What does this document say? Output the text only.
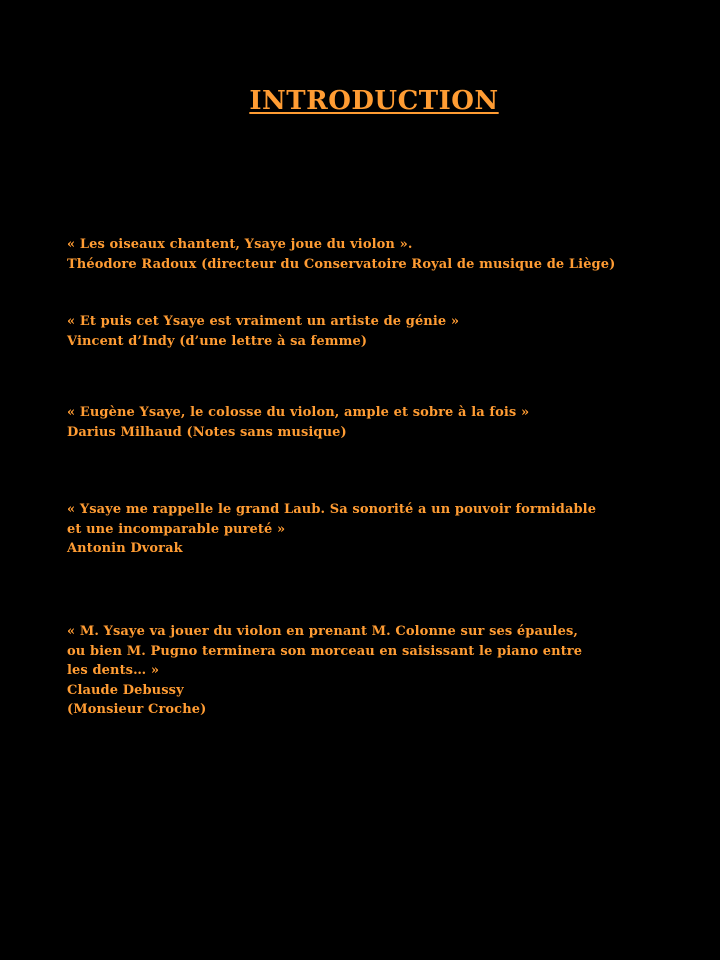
INTRODUCTION
« Les oiseaux chantent, Ysaye joue du violon ».
Théodore Radoux (directeur du Conservatoire Royal de musique de Liège)
« Et puis cet Ysaye est vraiment un artiste de génie »
Vincent d’Indy (d’une lettre à sa femme)
« Eugène Ysaye, le colosse du violon, ample et sobre à la fois »
Darius Milhaud (Notes sans musique)
« Ysaye me rappelle le grand Laub. Sa sonorité a un pouvoir formidable
et une incomparable pureté »
Antonin Dvorak
« M. Ysaye va jouer du violon en prenant M. Colonne sur ses épaules,
ou bien M. Pugno terminera son morceau en saisissant le piano entre
les dents… »
Claude Debussy
(Monsieur Croche)
